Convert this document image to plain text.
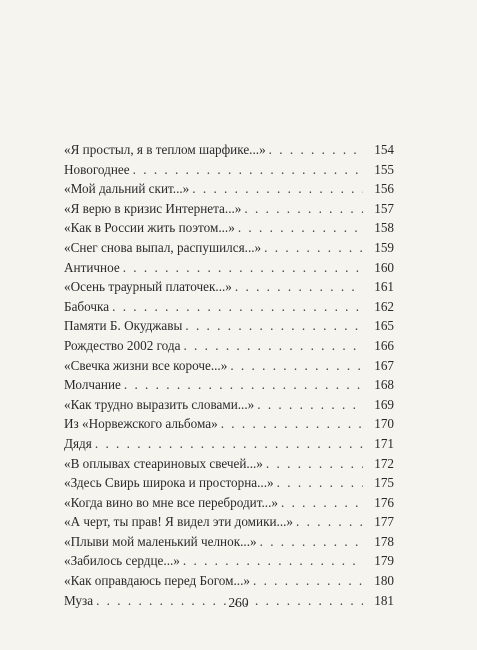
«Я простыл, я в теплом шарфике...» . . .	154
Новогоднее . . .	155
«Мой дальний скит...» . . .	156
«Я верю в кризис Интернета...» . . .	157
«Как в России жить поэтом...» . . .	158
«Снег снова выпал, распушился...» . . .	159
Античное . . .	160
«Осень траурный платочек...» . . .	161
Бабочка . . .	162
Памяти Б. Окуджавы . . .	165
Рождество 2002 года . . .	166
«Свечка жизни все короче...» . . .	167
Молчание . . .	168
«Как трудно выразить словами...» . . .	169
Из «Норвежского альбома» . . .	170
Дядя . . .	171
«В оплывах стеариновых свечей...» . . .	172
«Здесь Свирь широка и просторна...» . . .	175
«Когда вино во мне все перебродит...» . . .	176
«А черт, ты прав! Я видел эти домики...» . . .	177
«Плыви мой маленький челнок...» . . .	178
«Забилось сердце...» . . .	179
«Как оправдаюсь перед Богом...» . . .	180
Муза . . .	181
260
